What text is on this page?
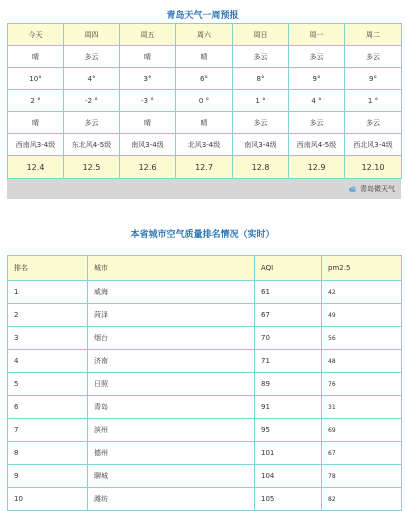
青岛天气一周预报
今天	周四	周五	周六	周日	周一	周二
晴	多云	晴	晴	多云	多云	多云
10°	4°	3°	6°	8°	9°	9°
2 °	-2 °	-3 °	0 °	1 °	4 °	1 °
晴	多云	晴	晴	多云	多云	多云
西南风3-4级	东北风4-5级	南风3-4级	北风3-4级	南风3-4级	西南风4-5级	西北风3-4级
12.4	12.5	12.6	12.7	12.8	12.9	12.10
青岛微天气
本省城市空气质量排名情况（实时）
排名	城市	AQI	pm2.5
1	威海	61	42
2	菏泽	67	49
3	烟台	70	56
4	济南	71	48
5	日照	89	76
6	青岛	91	31
7	滨州	95	69
8	德州	101	67
9	聊城	104	78
10	潍坊	105	82
